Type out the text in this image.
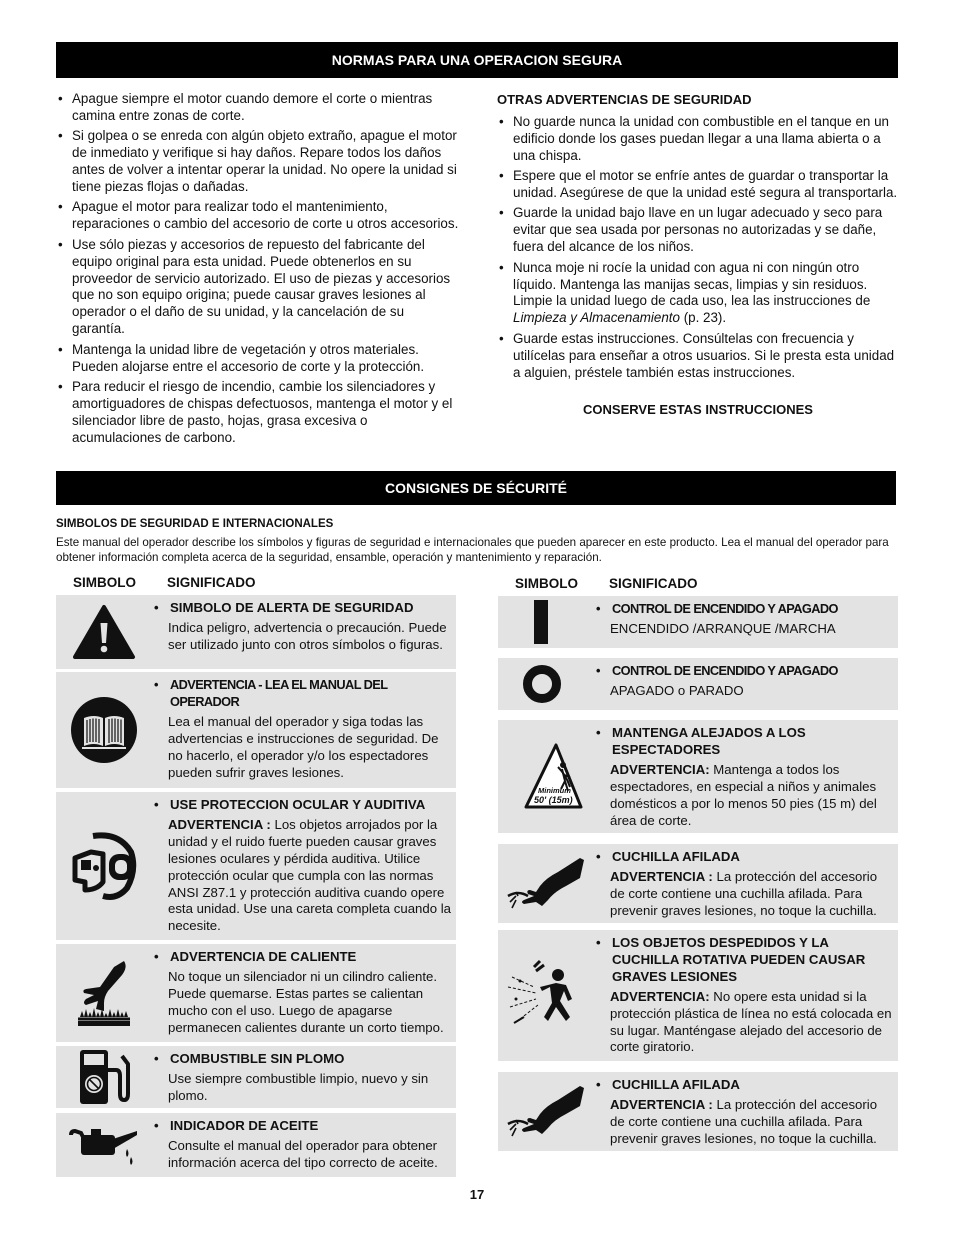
NORMAS PARA UNA OPERACION SEGURA
• Apague siempre el motor cuando demore el corte o mientras camina entre zonas de corte.
• Si golpea o se enreda con algún objeto extraño, apague el motor de inmediato y verifique si hay daños. Repare todos los daños antes de volver a intentar operar la unidad. No opere la unidad si tiene piezas flojas o dañadas.
• Apague el motor para realizar todo el mantenimiento, reparaciones o cambio del accesorio de corte u otros accesorios.
• Use sólo piezas y accesorios de repuesto del fabricante del equipo original para esta unidad. Puede obtenerlos en su proveedor de servicio autorizado. El uso de piezas y accesorios que no son equipo origina; puede causar graves lesiones al operador o el daño de su unidad, y la cancelación de su garantía.
• Mantenga la unidad libre de vegetación y otros materiales. Pueden alojarse entre el accesorio de corte y la protección.
• Para reducir el riesgo de incendio, cambie los silenciadores y amortiguadores de chispas defectuosos, mantenga el motor y el silenciador libre de pasto, hojas, grasa excesiva o acumulaciones de carbono.
OTRAS ADVERTENCIAS DE SEGURIDAD
• No guarde nunca la unidad con combustible en el tanque en un edificio donde los gases puedan llegar a una llama abierta o a una chispa.
• Espere que el motor se enfríe antes de guardar o transportar la unidad. Asegúrese de que la unidad esté segura al transportarla.
• Guarde la unidad bajo llave en un lugar adecuado y seco para evitar que sea usada por personas no autorizadas y se dañe, fuera del alcance de los niños.
• Nunca moje ni rocíe la unidad con agua ni con ningún otro líquido. Mantenga las manijas secas, limpias y sin residuos. Limpie la unidad luego de cada uso, lea las instrucciones de Limpieza y Almacenamiento (p. 23).
• Guarde estas instrucciones. Consúltelas con frecuencia y utilícelas para enseñar a otros usuarios. Si le presta esta unidad a alguien, préstele también estas instrucciones.
CONSERVE ESTAS INSTRUCCIONES
CONSIGNES DE SÉCURITÉ
SIMBOLOS DE SEGURIDAD E INTERNACIONALES
Este manual del operador describe los símbolos y figuras de seguridad e internacionales que pueden aparecer en este producto. Lea el manual del operador para obtener información completa acerca de la seguridad, ensamble, operación y mantenimiento y reparación.
SIMBOLO SIGNIFICADO	SIMBOLO SIGNIFICADO
• SIMBOLO DE ALERTA DE SEGURIDAD
Indica peligro, advertencia o precaución. Puede ser utilizado junto con otros símbolos o figuras.
• ADVERTENCIA - LEA EL MANUAL DEL OPERADOR
Lea el manual del operador y siga todas las advertencias e instrucciones de seguridad. De no hacerlo, el operador y/o los espectadores pueden sufrir graves lesiones.
• USE PROTECCION OCULAR Y AUDITIVA
ADVERTENCIA : Los objetos arrojados por la unidad y el ruido fuerte pueden causar graves lesiones oculares y pérdida auditiva. Utilice protección ocular que cumpla con las normas ANSI Z87.1 y protección auditiva cuando opere esta unidad. Use una careta completa cuando la necesite.
• ADVERTENCIA DE CALIENTE
No toque un silenciador ni un cilindro caliente. Puede quemarse. Estas partes se calientan mucho con el uso. Luego de apagarse permanecen calientes durante un corto tiempo.
• COMBUSTIBLE SIN PLOMO
Use siempre combustible limpio, nuevo y sin plomo.
• INDICADOR DE ACEITE
Consulte el manual del operador para obtener información acerca del tipo correcto de aceite.
• CONTROL DE ENCENDIDO Y APAGADO
ENCENDIDO /ARRANQUE /MARCHA
• CONTROL DE ENCENDIDO Y APAGADO
APAGADO o PARADO
Minimum
50' (15m)
• MANTENGA ALEJADOS A LOS ESPECTADORES
ADVERTENCIA: Mantenga a todos los espectadores, en especial a niños y animales domésticos a por lo menos 50 pies (15 m) del área de corte.
• CUCHILLA AFILADA
ADVERTENCIA : La protección del accesorio de corte contiene una cuchilla afilada. Para prevenir graves lesiones, no toque la cuchilla.
• LOS OBJETOS DESPEDIDOS Y LA CUCHILLA ROTATIVA PUEDEN CAUSAR GRAVES LESIONES
ADVERTENCIA: No opere esta unidad si la protección plástica de línea no está colocada en su lugar. Manténgase alejado del accesorio de corte giratorio.
• CUCHILLA AFILADA
ADVERTENCIA : La protección del accesorio de corte contiene una cuchilla afilada. Para prevenir graves lesiones, no toque la cuchilla.
17
